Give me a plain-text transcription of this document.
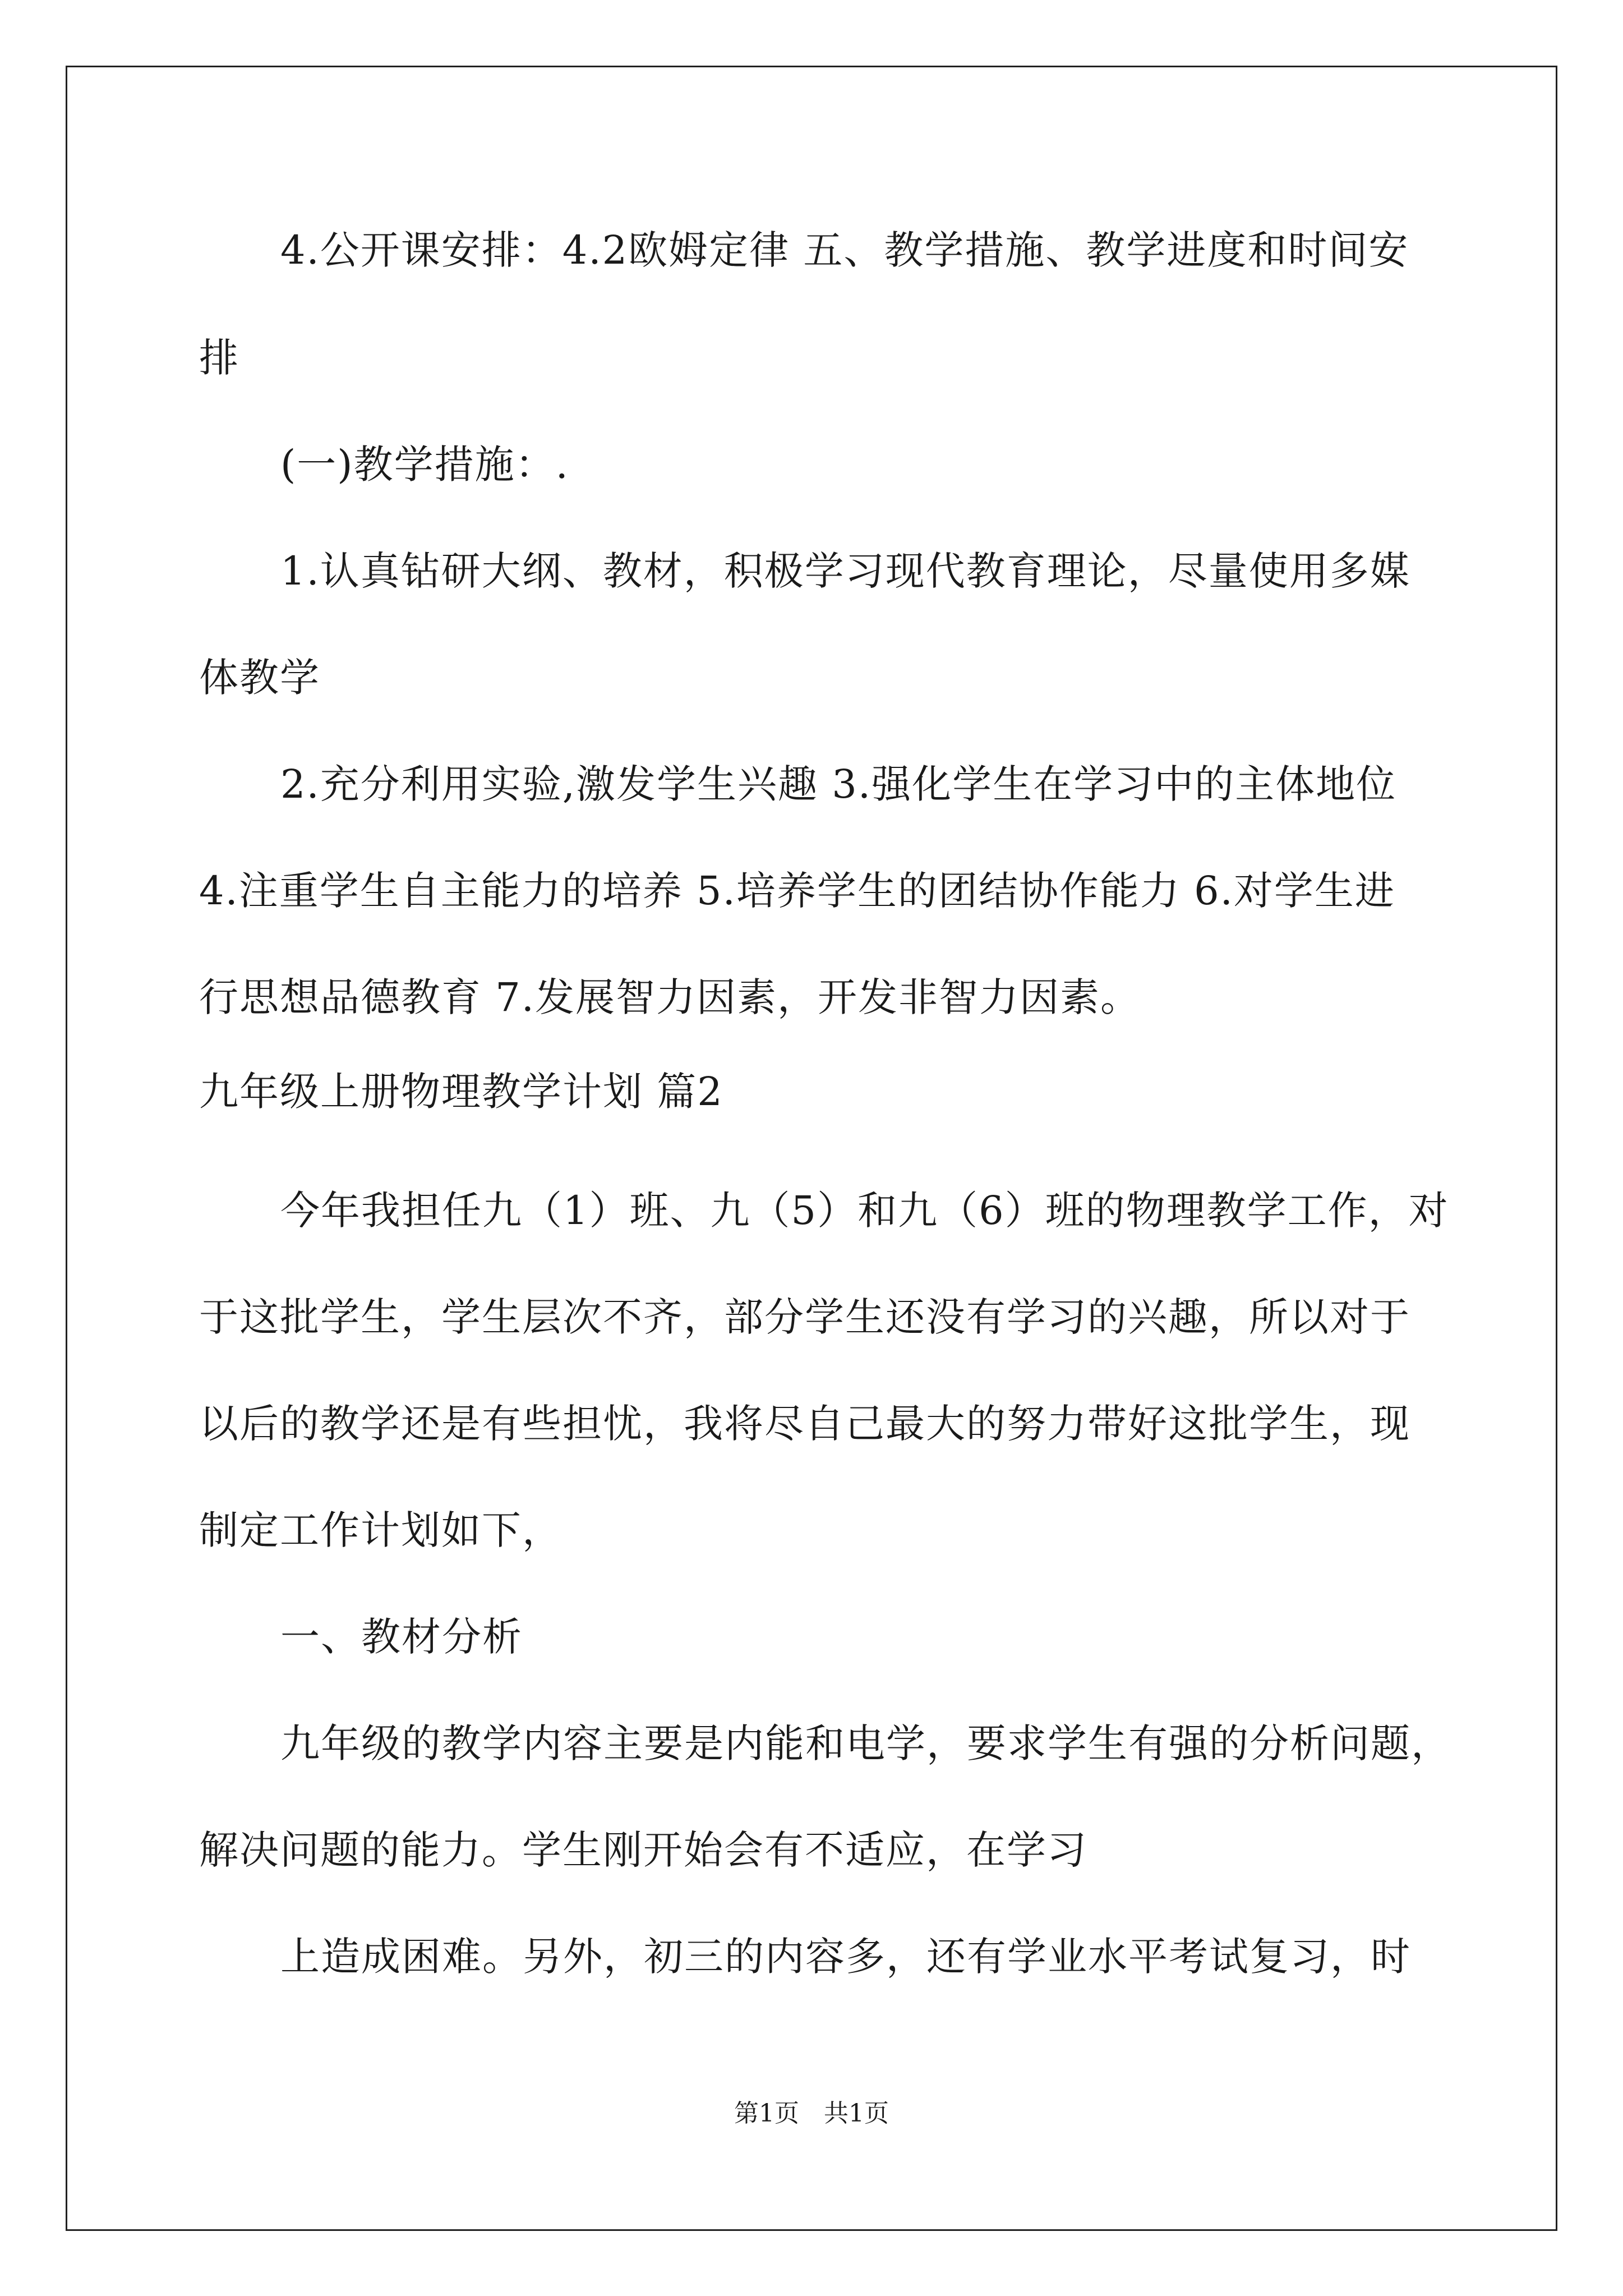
4.公开课安排：4.2欧姆定律 五、教学措施、教学进度和时间安
排
(一)教学措施：.
1.认真钻研大纲、教材，积极学习现代教育理论，尽量使用多媒
体教学
2.充分利用实验,激发学生兴趣 3.强化学生在学习中的主体地位
4.注重学生自主能力的培养 5.培养学生的团结协作能力 6.对学生进
行思想品德教育 7.发展智力因素，开发非智力因素。
九年级上册物理教学计划 篇2
今年我担任九（1）班、九（5）和九（6）班的物理教学工作，对
于这批学生，学生层次不齐，部分学生还没有学习的兴趣，所以对于
以后的教学还是有些担忧，我将尽自己最大的努力带好这批学生，现
制定工作计划如下，
一、教材分析
九年级的教学内容主要是内能和电学，要求学生有强的分析问题，
解决问题的能力。学生刚开始会有不适应，在学习
上造成困难。另外，初三的内容多，还有学业水平考试复习，时
第1页　共1页
